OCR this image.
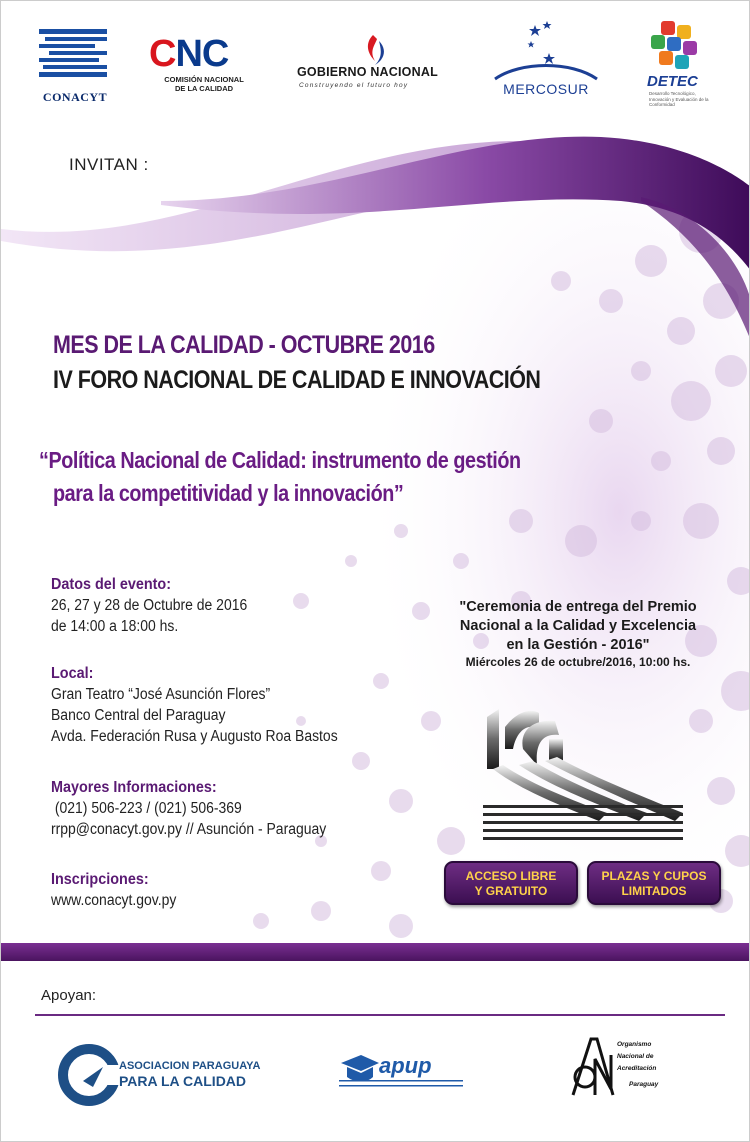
CONACYT
CNC
COMISIÓN NACIONAL
DE LA CALIDAD
GOBIERNO NACIONAL
Construyendo el futuro hoy	MERCOSUR	DETEC
Desarrollo Tecnológico, Innovación y Evaluación de la Conformidad
INVITAN :
MES DE LA CALIDAD - OCTUBRE 2016
IV FORO NACIONAL DE CALIDAD E INNOVACIÓN
“Política Nacional de Calidad: instrumento de gestión
para la competitividad y la innovación”
Datos del evento:
26, 27 y 28 de Octubre de 2016
de 14:00 a 18:00 hs.
Local:
Gran Teatro “José Asunción Flores”
Banco Central del Paraguay
Avda. Federación Rusa y Augusto Roa Bastos
Mayores Informaciones:
(021) 506-223 / (021) 506-369
rrpp@conacyt.gov.py // Asunción - Paraguay
Inscripciones:
www.conacyt.gov.py
"Ceremonia de entrega del Premio
Nacional a la Calidad y Excelencia
en la Gestión - 2016"
Miércoles 26 de octubre/2016, 10:00 hs.
ACCESO LIBRE
Y GRATUITO
PLAZAS Y CUPOS
LIMITADOS
Apoyan:
ASOCIACION PARAGUAYA
PARA LA CALIDAD
apup
Organismo
Nacional de
Acreditación
Paraguay
